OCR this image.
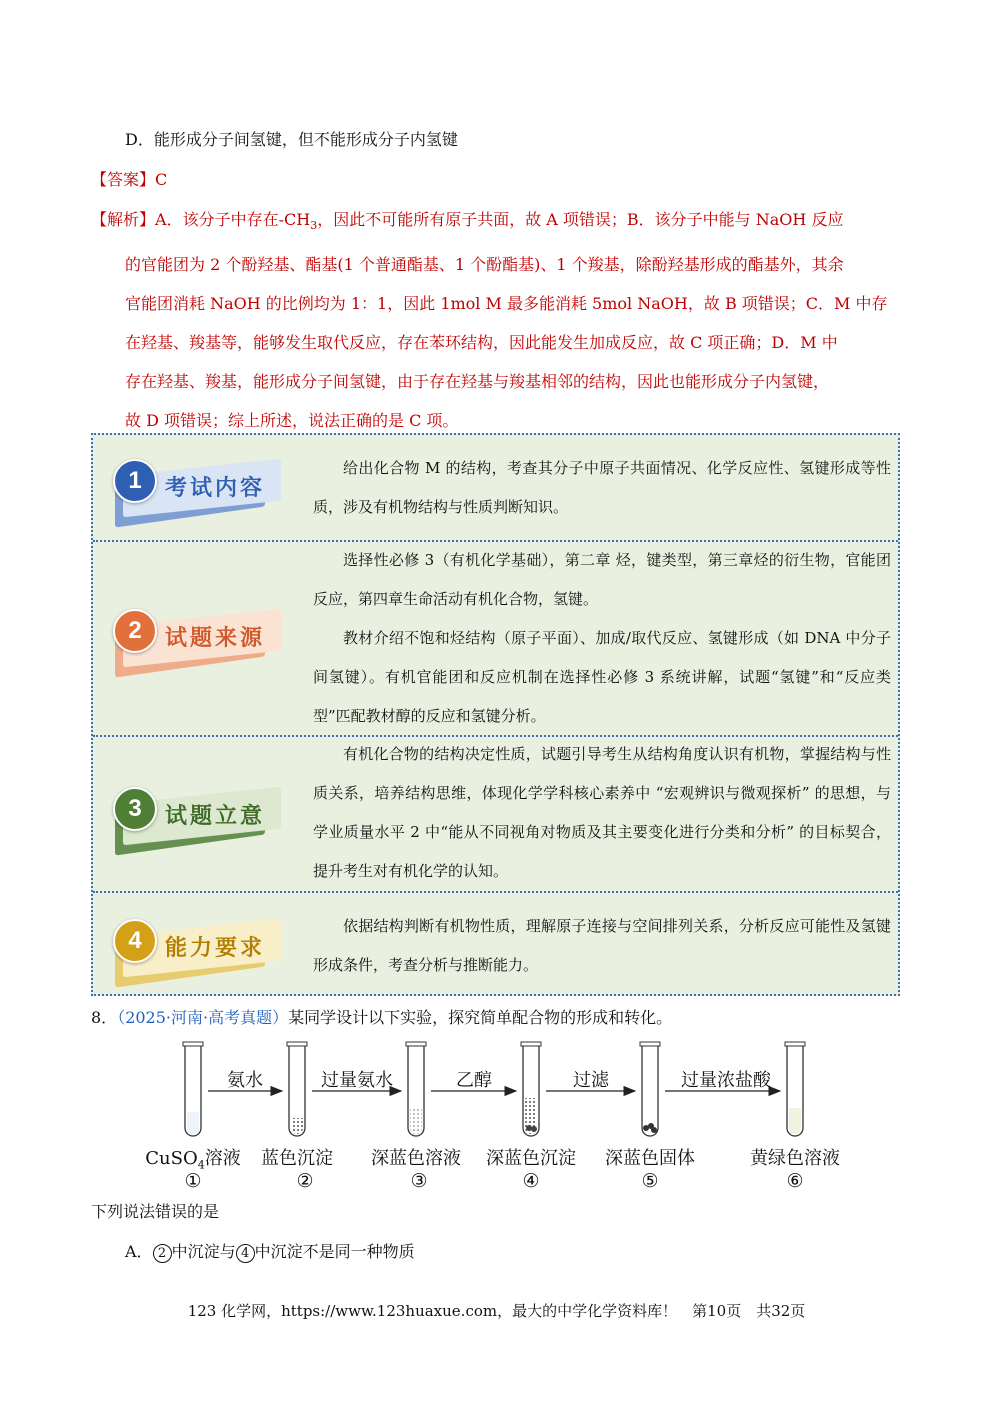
D．能形成分子间氢键，但不能形成分子内氢键
【答案】C
【解析】A．该分子中存在$-CH_3$，因此不可能所有原子共面，故 A 项错误；B．该分子中能与 NaOH 反应
的官能团为 2 个酚羟基、酯基(1 个普通酯基、1 个酚酯基)、1 个羧基，除酚羟基形成的酯基外，其余
官能团消耗 NaOH 的比例均为 1：1，因此 1mol M 最多能消耗 5mol NaOH，故 B 项错误；C．M 中存
在羟基、羧基等，能够发生取代反应，存在苯环结构，因此能发生加成反应，故 C 项正确；D．M 中
存在羟基、羧基，能形成分子间氢键，由于存在羟基与羧基相邻的结构，因此也能形成分子内氢键，
故 D 项错误；综上所述，说法正确的是 C 项。
1	考试内容

给出化合物 M 的结构，考查其分子中原子共面情况、化学反应性、氢键形成等性质，涉及有机物结构与性质判断知识。

2	试题来源

选择性必修 3（有机化学基础），第二章 烃，键类型，第三章烃的衍生物，官能团反应，第四章生命活动有机化合物，氢键。

教材介绍不饱和烃结构（原子平面）、加成/取代反应、氢键形成（如 DNA 中分子间氢键）。有机官能团和反应机制在选择性必修 3 系统讲解，试题“氢键”和“反应类型”匹配教材醇的反应和氢键分析。

3	试题立意

有机化合物的结构决定性质，试题引导考生从结构角度认识有机物，掌握结构与性质关系，培养结构思维，体现化学学科核心素养中 “宏观辨识与微观探析” 的思想，与学业质量水平 2 中“能从不同视角对物质及其主要变化进行分类和分析” 的目标契合，提升考生对有机化学的认知。

4	能力要求

依据结构判断有机物性质，理解原子连接与空间排列关系，分析反应可能性及氢键形成条件，考查分析与推断能力。

8．（2025·河南·高考真题）某同学设计以下实验，探究简单配合物的形成和转化。
氨水	过量氨水	乙醇	过滤	过量浓盐酸
CuSO$_4$溶液 蓝色沉淀 深蓝色溶液 深蓝色沉淀 深蓝色固体	黄绿色溶液
①	②	③	④	⑤	⑥
下列说法错误的是
A． 2 中沉淀与 4 中沉淀不是同一种物质
123 化学网，https://www.123huaxue.com，最大的中学化学资料库！　第10页　共32页
